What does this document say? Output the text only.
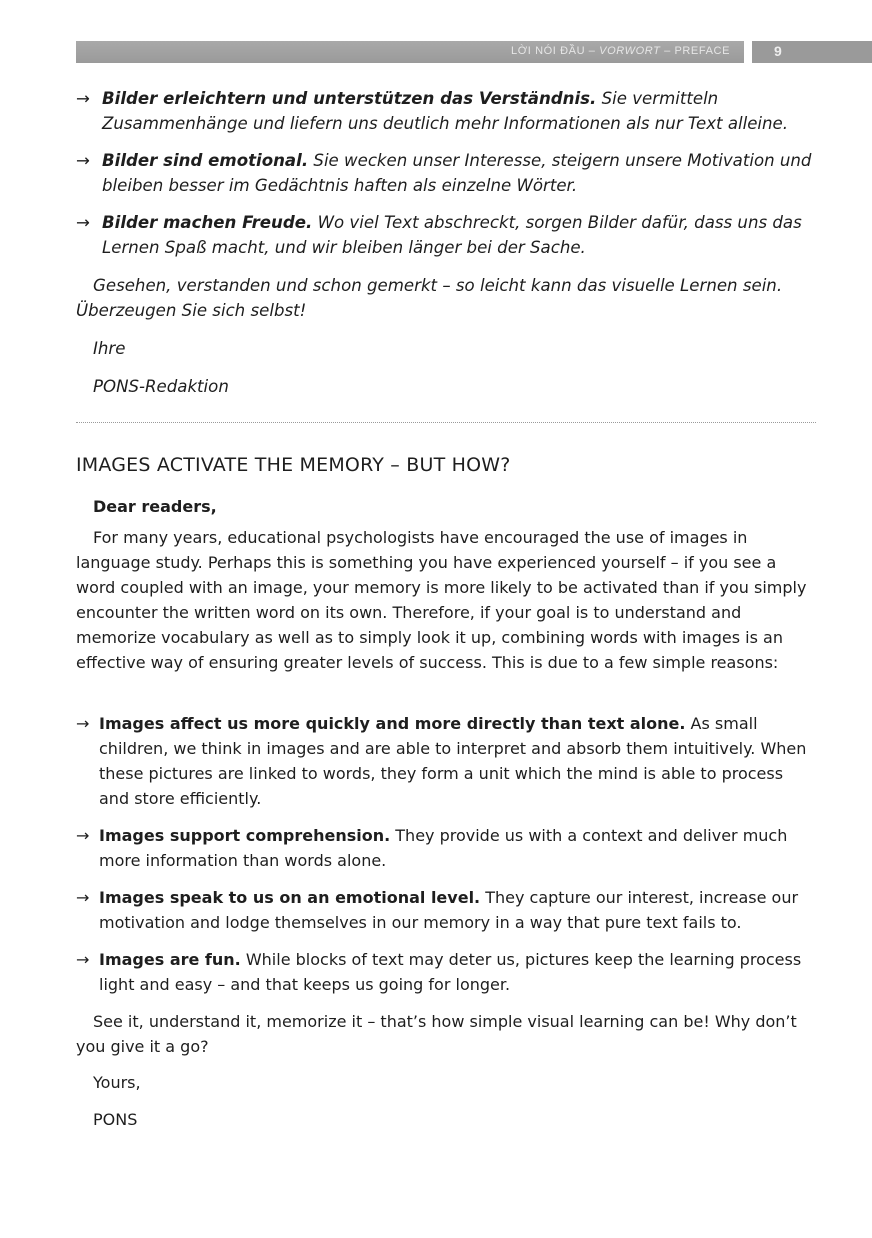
LỜI NÓI ĐẦU – VORWORT – PREFACE	9
→ Bilder erleichtern und unterstützen das Verständnis. Sie vermitteln Zusammenhänge und liefern uns deutlich mehr Informationen als nur Text alleine.
→ Bilder sind emotional. Sie wecken unser Interesse, steigern unsere Motivation und bleiben besser im Gedächtnis haften als einzelne Wörter.
→ Bilder machen Freude. Wo viel Text abschreckt, sorgen Bilder dafür, dass uns das Lernen Spaß macht, und wir bleiben länger bei der Sache.
Gesehen, verstanden und schon gemerkt – so leicht kann das visuelle Lernen sein. Überzeugen Sie sich selbst!
Ihre
PONS-Redaktion
IMAGES ACTIVATE THE MEMORY – BUT HOW?
Dear readers,
For many years, educational psychologists have encouraged the use of images in language study. Perhaps this is something you have experienced yourself – if you see a word coupled with an image, your memory is more likely to be activated than if you simply encounter the written word on its own. Therefore, if your goal is to understand and memorize vocabulary as well as to simply look it up, combining words with images is an effective way of ensuring greater levels of success. This is due to a few simple reasons:
→ Images affect us more quickly and more directly than text alone. As small children, we think in images and are able to interpret and absorb them intuitively. When these pictures are linked to words, they form a unit which the mind is able to process and store efficiently.
→ Images support comprehension. They provide us with a context and deliver much more information than words alone.
→ Images speak to us on an emotional level. They capture our interest, increase our motivation and lodge themselves in our memory in a way that pure text fails to.
→ Images are fun. While blocks of text may deter us, pictures keep the learning process light and easy – and that keeps us going for longer.
See it, understand it, memorize it – that’s how simple visual learning can be! Why don’t you give it a go?
Yours,
PONS
